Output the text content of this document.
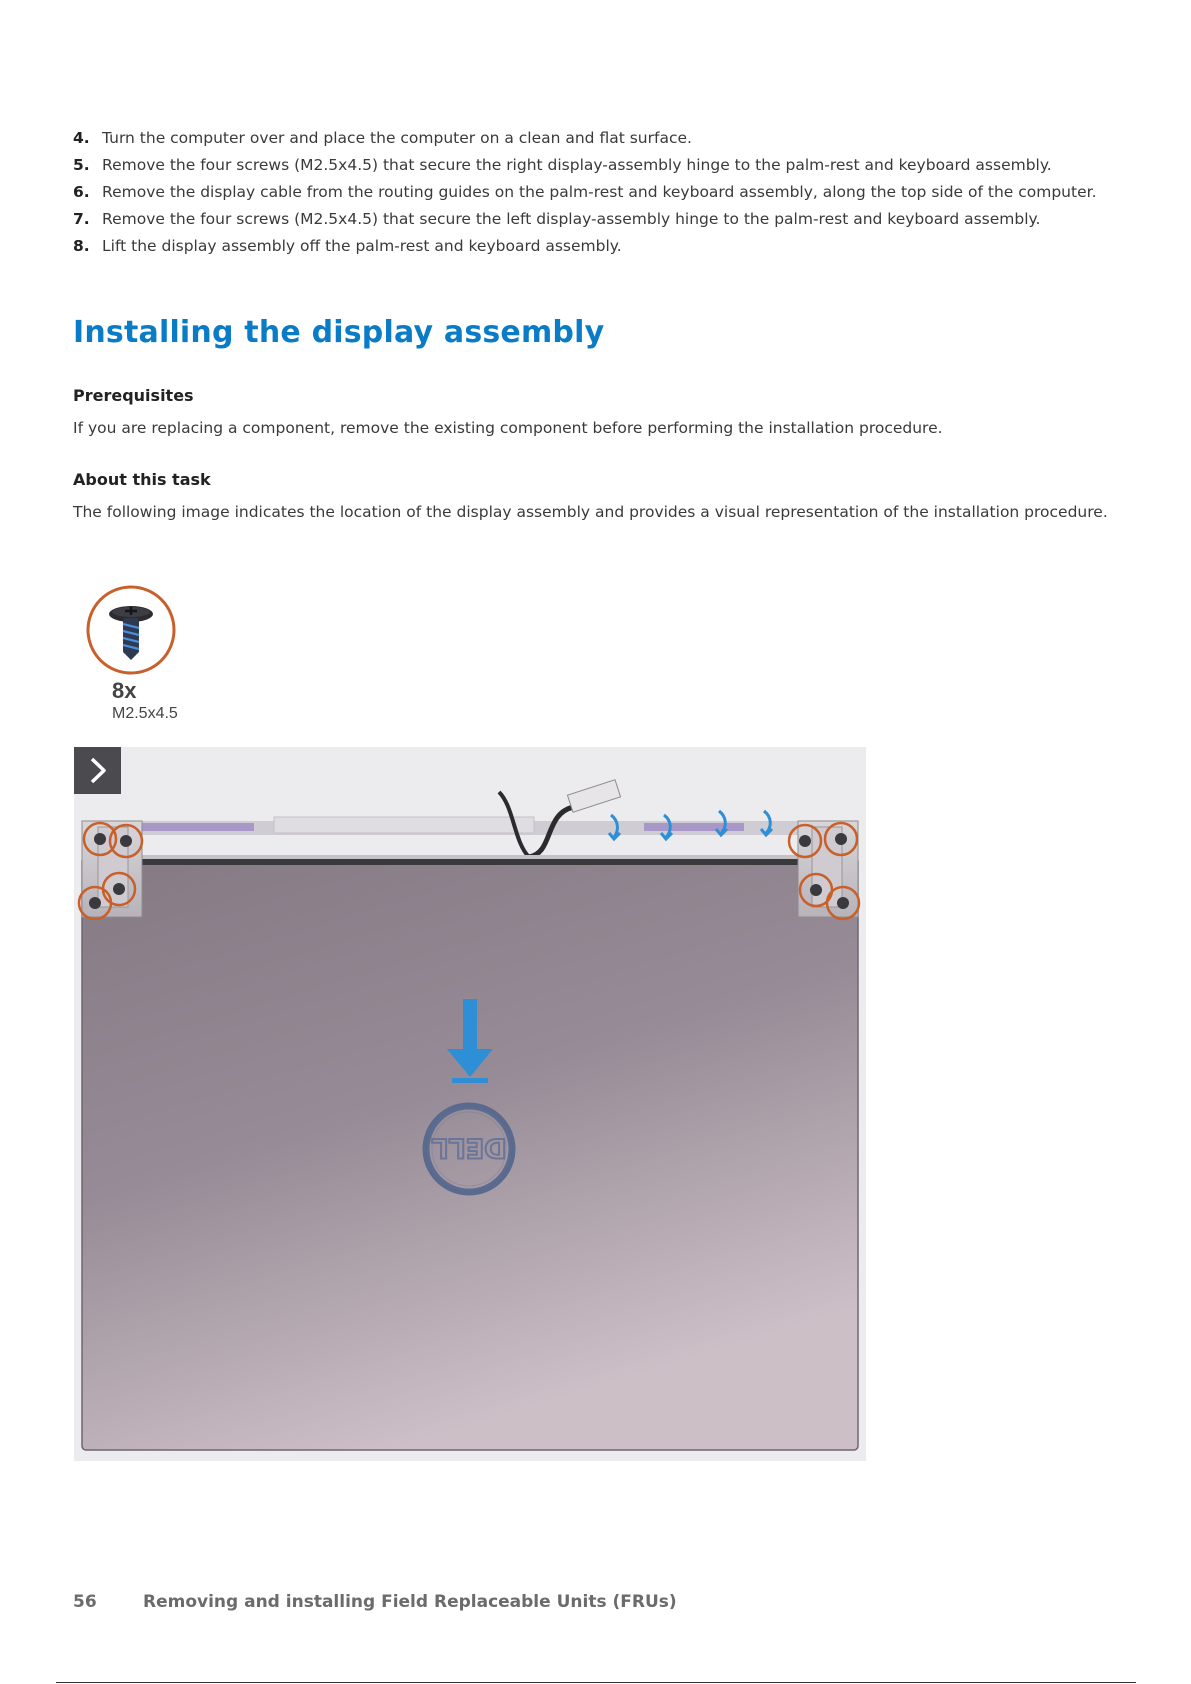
4. Turn the computer over and place the computer on a clean and flat surface.
5. Remove the four screws (M2.5x4.5) that secure the right display-assembly hinge to the palm-rest and keyboard assembly.
6. Remove the display cable from the routing guides on the palm-rest and keyboard assembly, along the top side of the computer.
7. Remove the four screws (M2.5x4.5) that secure the left display-assembly hinge to the palm-rest and keyboard assembly.
8. Lift the display assembly off the palm-rest and keyboard assembly.
Installing the display assembly
Prerequisites

If you are replacing a component, remove the existing component before performing the installation procedure.

About this task

The following image indicates the location of the display assembly and provides a visual representation of the installation procedure.

8x
M2.5x4.5
DELL
56	Removing and installing Field Replaceable Units (FRUs)
